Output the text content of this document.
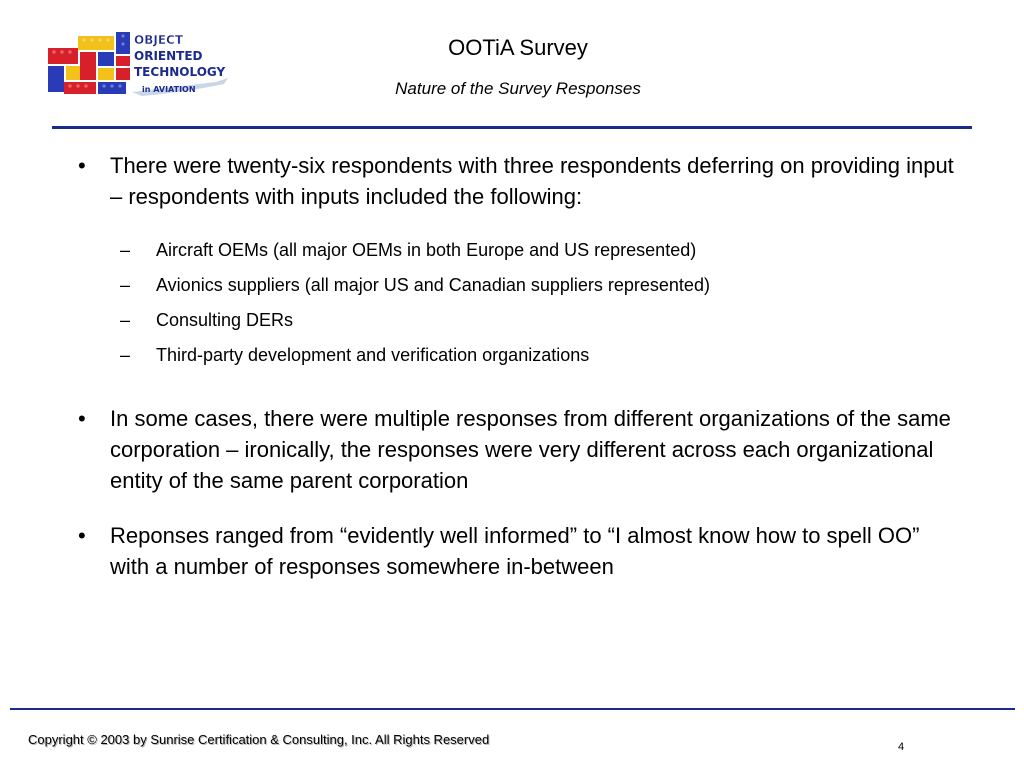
OBJECT
ORIENTED
TECHNOLOGY
in AVIATION
OOTiA Survey
Nature of the Survey Responses
• There were twenty-six respondents with three respondents deferring on providing input – respondents with inputs included the following:
– Aircraft OEMs (all major OEMs in both Europe and US represented)
– Avionics suppliers (all major US and Canadian suppliers represented)
– Consulting DERs
– Third-party development and verification organizations
• In some cases, there were multiple responses from different organizations of the same corporation – ironically, the responses were very different across each organizational entity of the same parent corporation
• Reponses ranged from “evidently well informed” to “I almost know how to spell OO” with a number of responses somewhere in-between
Copyright © 2003 by Sunrise Certification & Consulting, Inc. All Rights Reserved	4
